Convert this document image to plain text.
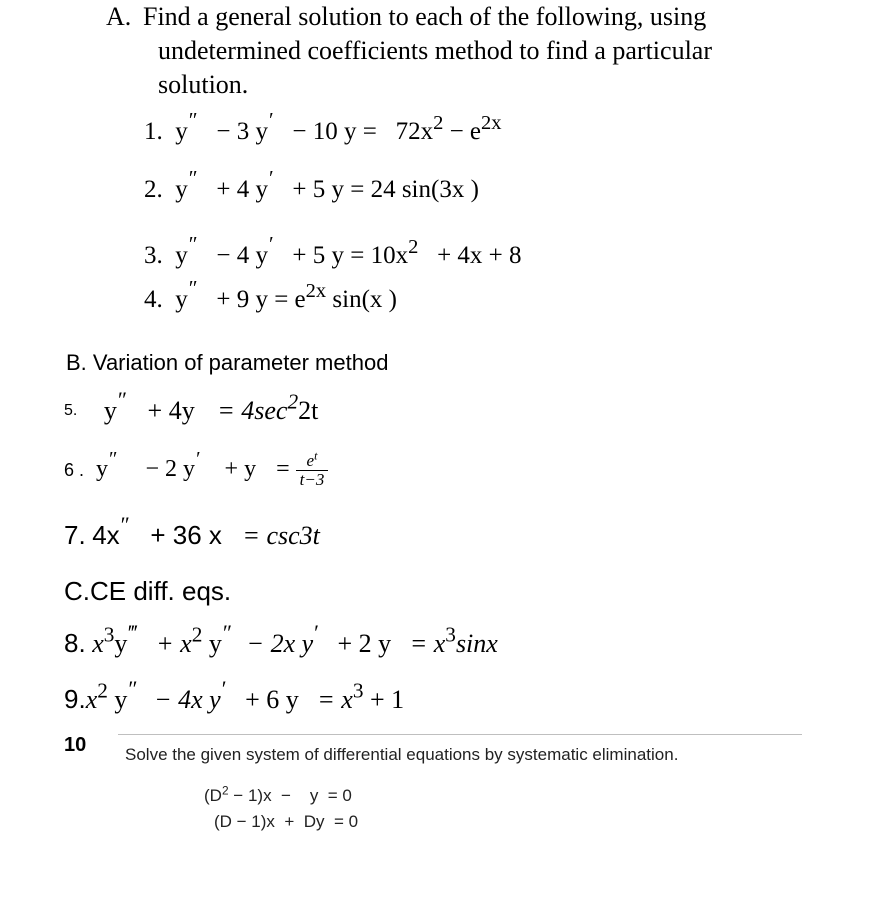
A. Find a general solution to each of the following, using
undetermined coefficients method to find a particular
solution.
1. y″ − 3 y′ − 10 $y = 72x^2 - e^{2x}$
2. y″ + 4 y′ + 5 y = 24 sin(3x )
3. y″ − 4 y′ + 5 $y = 10x^2 + 4x + 8$
4. y″ + 9 $y = e^{2x}$ sin(x )
B. Variation of parameter method
5. $y'' + 4y = 4\sec^22t$
6 . y″ − 2 $y' + y = \frac{e^t}{t-3}$
7. 4x″ + 36 x = csc3t
C.CE diff. eqs.
8. $x^3y‴ + x^2$ y″ − 2x y′ + 2 $y = x^3\sin x$
$9.x^2$ y″ − 4x y′ + 6 $y = x^3 + 1$
10 Solve the given system of differential equations by systematic elimination.
$(D^2 - 1)x$  −    y  = 0
(D − 1)x  +  Dy  = 0
